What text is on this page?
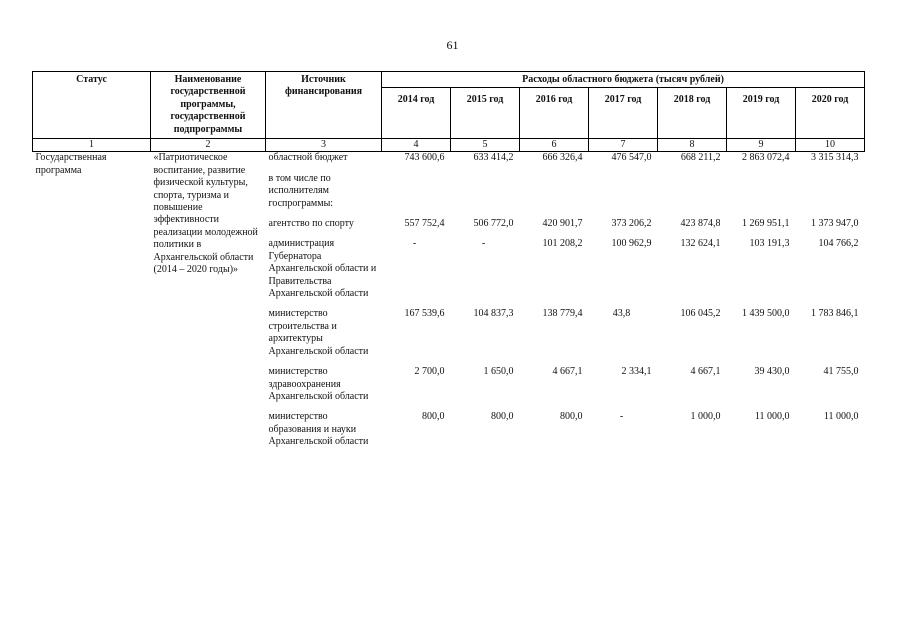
61
Статус	Наименование государственной программы, государственной подпрограммы	Источник финансирования	Расходы областного бюджета (тысяч рублей)						
			2014 год	2015 год	2016 год	2017 год	2018 год	2019 год	2020 год
1	2	3	4	5	6	7	8	9	10
Государственная программа	«Патриотическое воспитание, развитие физической культуры, спорта, туризма и повышение эффективности реализации молодежной политики в Архангельской области (2014 – 2020 годы)»	областной бюджет	743 600,6	633 414,2	666 326,4	476 547,0	668 211,2	2 863 072,4	3 315 314,3
		в том числе по исполнителям госпрограммы:							
		агентство по спорту	557 752,4	506 772,0	420 901,7	373 206,2	423 874,8	1 269 951,1	1 373 947,0
		администрация Губернатора Архангельской области и Правительства Архангельской области	-	-	101 208,2	100 962,9	132 624,1	103 191,3	104 766,2
		министерство строительства и архитектуры Архангельской области	167 539,6	104 837,3	138 779,4	43,8	106 045,2	1 439 500,0	1 783 846,1
		министерство здравоохранения Архангельской области	2 700,0	1 650,0	4 667,1	2 334,1	4 667,1	39 430,0	41 755,0
		министерство образования и науки Архангельской области	800,0	800,0	800,0	-	1 000,0	11 000,0	11 000,0
